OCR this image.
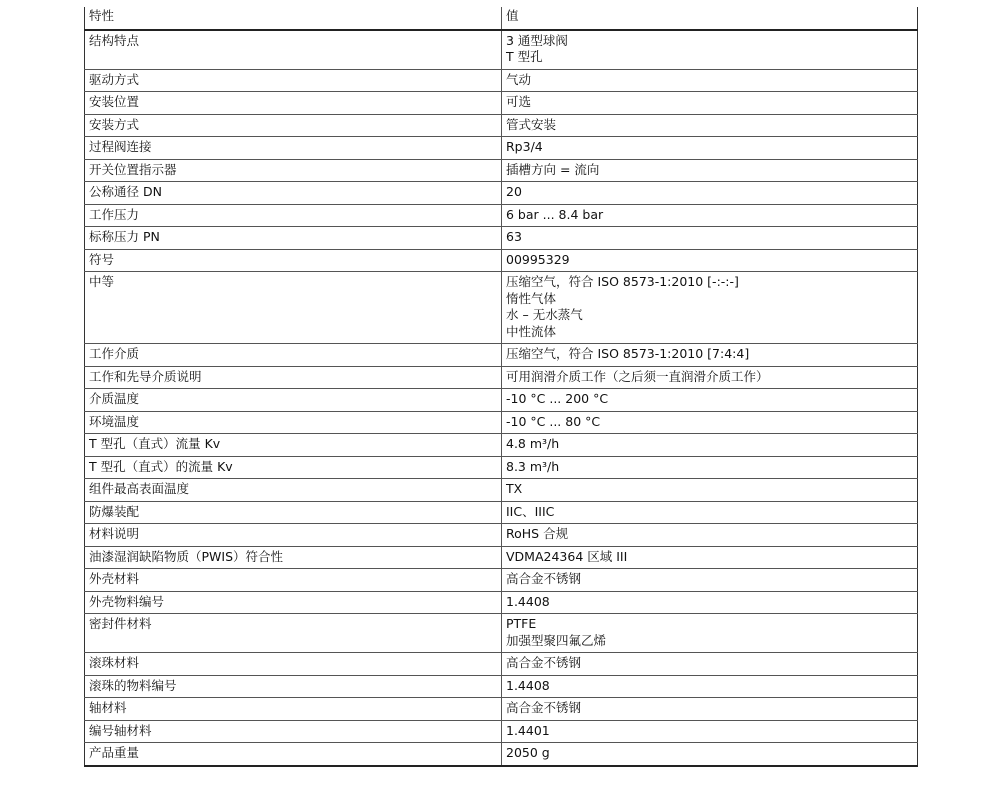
特性	值
结构特点	3 通型球阀
T 型孔

驱动方式	气动

安装位置	可选

安装方式	管式安装

过程阀连接	Rp3/4

开关位置指示器	插槽方向 = 流向

公称通径 DN	20

工作压力	6 bar ... 8.4 bar

标称压力 PN	63

符号	00995329

中等	压缩空气，符合 ISO 8573-1:2010 [-:-:-]
惰性气体
水 – 无水蒸气
中性流体

工作介质	压缩空气，符合 ISO 8573-1:2010 [7:4:4]

工作和先导介质说明	可用润滑介质工作（之后须一直润滑介质工作）

介质温度	-10 °C ... 200 °C

环境温度	-10 °C ... 80 °C

T 型孔（直式）流量 Kv	4.8 m³/h

T 型孔（直式）的流量 Kv	8.3 m³/h

组件最高表面温度	TX

防爆装配	IIC、IIIC

材料说明	RoHS 合规

油漆湿润缺陷物质（PWIS）符合性	VDMA24364 区域 III

外壳材料	高合金不锈钢

外壳物料编号	1.4408

密封件材料	PTFE
加强型聚四氟乙烯

滚珠材料	高合金不锈钢

滚珠的物料编号	1.4408

轴材料	高合金不锈钢

编号轴材料	1.4401

产品重量	2050 g
